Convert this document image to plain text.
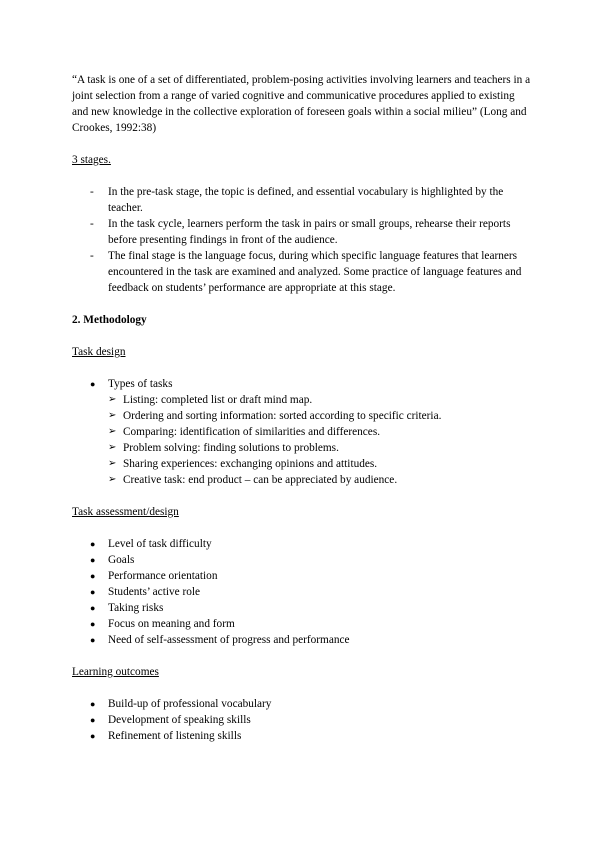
“A task is one of a set of differentiated, problem-posing activities involving learners and teachers in a joint selection from a range of varied cognitive and communicative procedures applied to existing and new knowledge in the collective exploration of foreseen goals within a social milieu” (Long and Crookes, 1992:38)

3 stages.
- In the pre-task stage, the topic is defined, and essential vocabulary is highlighted by the teacher.
- In the task cycle, learners perform the task in pairs or small groups, rehearse their reports before presenting findings in front of the audience.
- The final stage is the language focus, during which specific language features that learners encountered in the task are examined and analyzed. Some practice of language features and feedback on students’ performance are appropriate at this stage.
2. Methodology
Task design
● Types of tasks
➢ Listing: completed list or draft mind map.
➢ Ordering and sorting information: sorted according to specific criteria.
➢ Comparing: identification of similarities and differences.
➢ Problem solving: finding solutions to problems.
➢ Sharing experiences: exchanging opinions and attitudes.
➢ Creative task: end product – can be appreciated by audience.
Task assessment/design
● Level of task difficulty
● Goals
● Performance orientation
● Students’ active role
● Taking risks
● Focus on meaning and form
● Need of self-assessment of progress and performance
Learning outcomes
● Build-up of professional vocabulary
● Development of speaking skills
● Refinement of listening skills
